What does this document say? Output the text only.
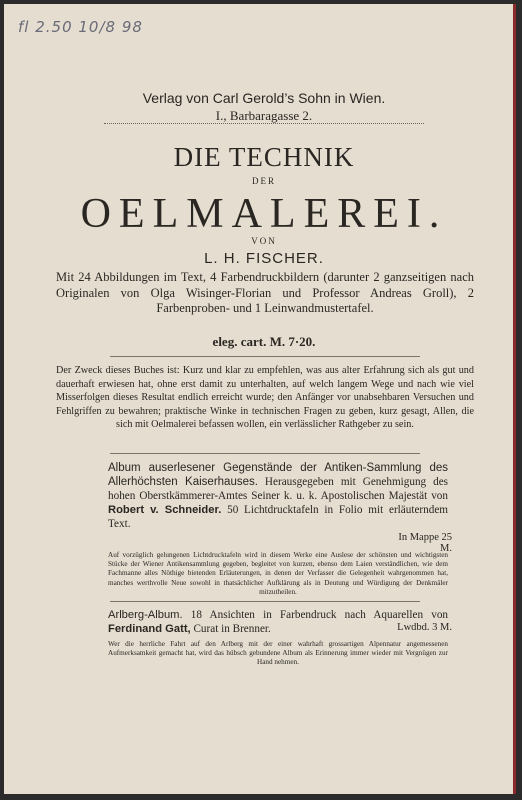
fl 2.50 10/8 98
Verlag von Carl Gerold’s Sohn in Wien.
I., Barbaragasse 2.
DIE TECHNIK
DER
OELMALEREI.
VON
L. H. FISCHER.
Mit 24 Abbildungen im Text, 4 Farbendruckbildern (darunter 2 ganzseitigen nach Originalen von Olga Wisinger-Florian und Professor Andreas Groll), 2 Farbenproben- und 1 Leinwandmustertafel.
eleg. cart. M. 7·20.
Der Zweck dieses Buches ist: Kurz und klar zu empfehlen, was aus alter Erfahrung sich als gut und dauerhaft erwiesen hat, ohne erst damit zu unterhalten, auf welch langem Wege und nach wie viel Misserfolgen dieses Resultat endlich erreicht wurde; den Anfänger vor unabsehbaren Versuchen und Fehlgriffen zu bewahren; praktische Winke in technischen Fragen zu geben, kurz gesagt, Allen, die sich mit Oelmalerei befassen wollen, ein verlässlicher Rathgeber zu sein.
Album auserlesener Gegenstände der Antiken-Sammlung des Allerhöchsten Kaiserhauses. Herausgegeben mit Genehmigung des hohen Oberstkämmerer-Amtes Seiner k. u. k. Apostolischen Majestät von Robert v. Schneider. 50 Lichtdrucktafeln in Folio mit erläuterndem Text.
In Mappe 25 M.
Auf vorzüglich gelungenen Lichtdrucktafeln wird in diesem Werke eine Auslese der schönsten und wichtigsten Stücke der Wiener Antikensammlung gegeben, begleitet von kurzen, ebenso dem Laien verständlichen, wie dem Fachmanne alles Nöthige bietenden Erläuterungen, in denen der Verfasser die Gelegenheit wahrgenommen hat, manches werthvolle Neue sowohl in thatsächlicher Aufklärung als in Deutung und Würdigung der Denkmäler mitzutheilen.
Arlberg-Album. 18 Ansichten in Farbendruck nach Aquarellen von Ferdinand Gatt, Curat in Brenner.	Lwdbd. 3 M.
Wer die herrliche Fahrt auf den Arlberg mit der einer wahrhaft grossartigen Alpennatur angemessenen Aufmerksamkeit gemacht hat, wird das hübsch gebundene Album als Erinnerung immer wieder mit Vergnügen zur Hand nehmen.
